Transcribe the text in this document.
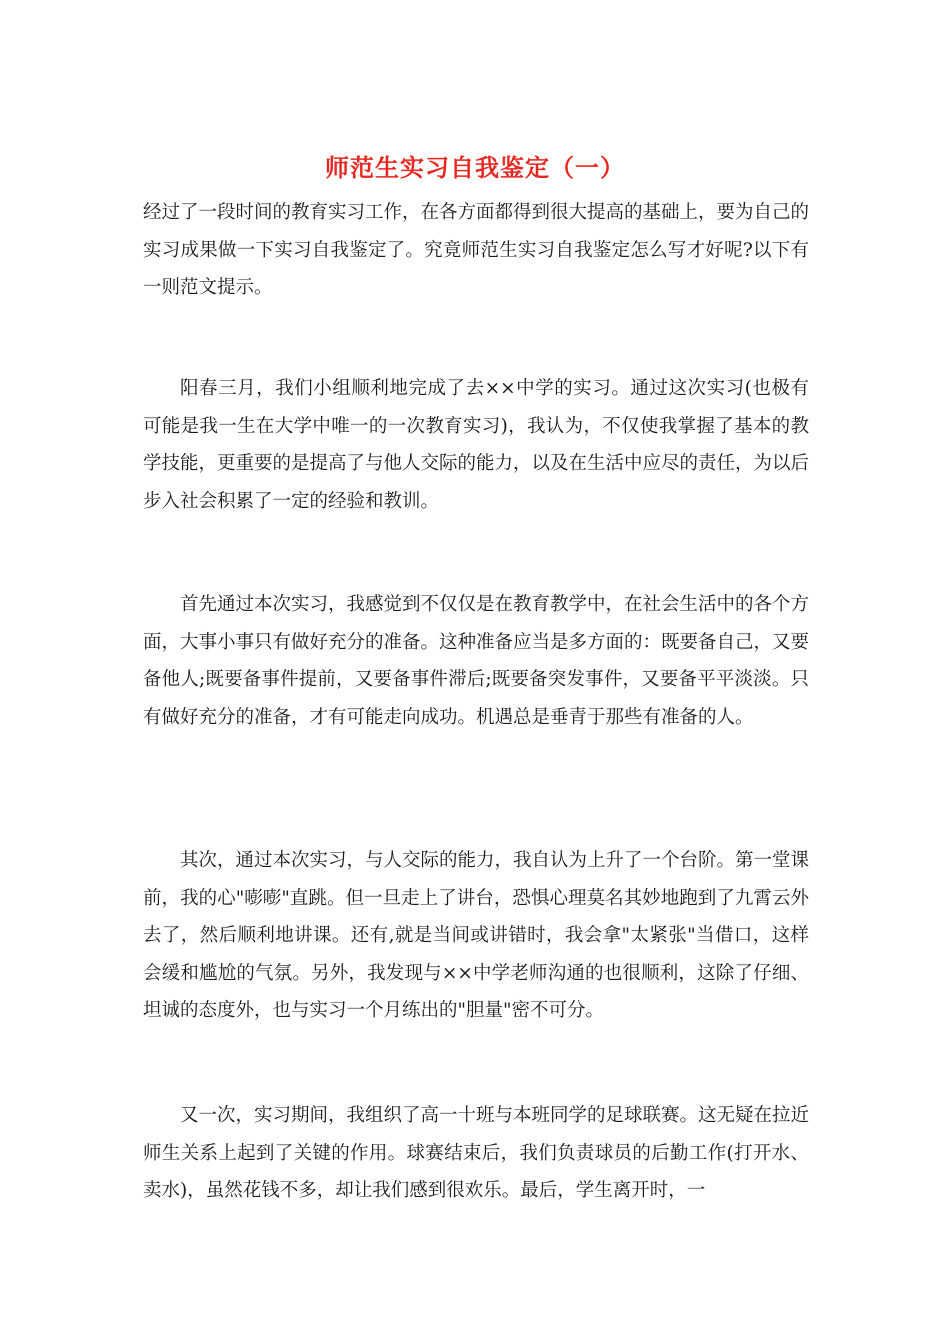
师范生实习自我鉴定（一）

经过了一段时间的教育实习工作，在各方面都得到很大提高的基础上，要为自己的实习成果做一下实习自我鉴定了。究竟师范生实习自我鉴定怎么写才好呢?以下有一则范文提示。

阳春三月，我们小组顺利地完成了去××中学的实习。通过这次实习(也极有可能是我一生在大学中唯一的一次教育实习)，我认为，不仅使我掌握了基本的教学技能，更重要的是提高了与他人交际的能力，以及在生活中应尽的责任，为以后步入社会积累了一定的经验和教训。

首先通过本次实习，我感觉到不仅仅是在教育教学中，在社会生活中的各个方面，大事小事只有做好充分的准备。这种准备应当是多方面的：既要备自己，又要备他人;既要备事件提前，又要备事件滞后;既要备突发事件，又要备平平淡淡。只有做好充分的准备，才有可能走向成功。机遇总是垂青于那些有准备的人。

其次，通过本次实习，与人交际的能力，我自认为上升了一个台阶。第一堂课前，我的心"嘭嘭"直跳。但一旦走上了讲台，恐惧心理莫名其妙地跑到了九霄云外去了，然后顺利地讲课。还有,就是当间或讲错时，我会拿"太紧张"当借口，这样会缓和尴尬的气氛。另外，我发现与××中学老师沟通的也很顺利，这除了仔细、坦诚的态度外，也与实习一个月练出的"胆量"密不可分。

又一次，实习期间，我组织了高一十班与本班同学的足球联赛。这无疑在拉近师生关系上起到了关键的作用。球赛结束后，我们负责球员的后勤工作(打开水、卖水)，虽然花钱不多，却让我们感到很欢乐。最后，学生离开时，一
